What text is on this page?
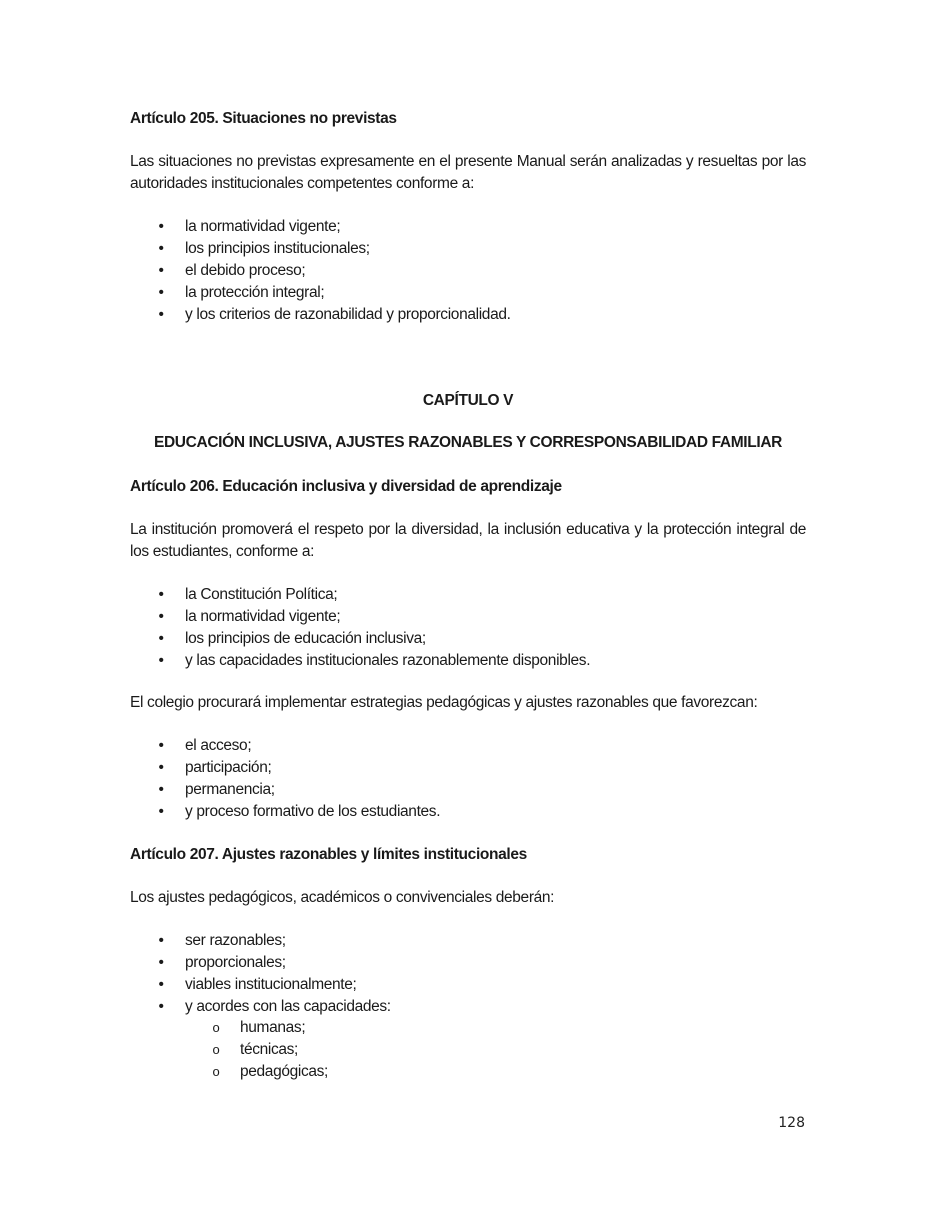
Artículo 205. Situaciones no previstas
Las situaciones no previstas expresamente en el presente Manual serán analizadas y resueltas por las autoridades institucionales competentes conforme a:
• la normatividad vigente;
• los principios institucionales;
• el debido proceso;
• la protección integral;
• y los criterios de razonabilidad y proporcionalidad.
CAPÍTULO V
EDUCACIÓN INCLUSIVA, AJUSTES RAZONABLES Y CORRESPONSABILIDAD FAMILIAR
Artículo 206. Educación inclusiva y diversidad de aprendizaje
La institución promoverá el respeto por la diversidad, la inclusión educativa y la protección integral de los estudiantes, conforme a:
• la Constitución Política;
• la normatividad vigente;
• los principios de educación inclusiva;
• y las capacidades institucionales razonablemente disponibles.
El colegio procurará implementar estrategias pedagógicas y ajustes razonables que favorezcan:
• el acceso;
• participación;
• permanencia;
• y proceso formativo de los estudiantes.
Artículo 207. Ajustes razonables y límites institucionales
Los ajustes pedagógicos, académicos o convivenciales deberán:
• ser razonables;
• proporcionales;
• viables institucionalmente;
• y acordes con las capacidades:
o humanas;
o técnicas;
o pedagógicas;
128
